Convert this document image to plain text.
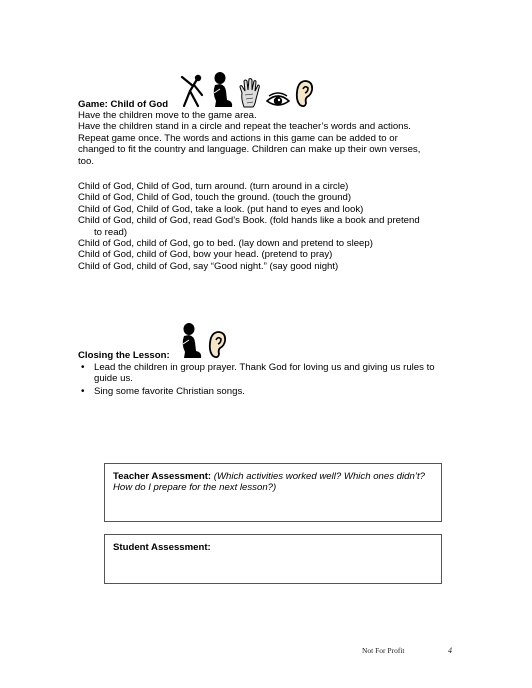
Game: Child of God

Have the children move to the game area.

Have the children stand in a circle and repeat the teacher’s words and actions.

Repeat game once. The words and actions in this game can be added to or

changed to fit the country and language. Children can make up their own verses,

too.

Child of God, Child of God, turn around. (turn around in a circle)

Child of God, Child of God, touch the ground. (touch the ground)

Child of God, Child of God, take a look. (put hand to eyes and look)

Child of God, child of God, read God’s Book. (fold hands like a book and pretend

to read)

Child of God, child of God, go to bed. (lay down and pretend to sleep)

Child of God, child of God, bow your head. (pretend to pray)

Child of God, child of God, say “Good night.” (say good night)

Closing the Lesson:
• Lead the children in group prayer. Thank God for loving us and giving us rules to guide us.
• Sing some favorite Christian songs.
Teacher Assessment: (Which activities worked well? Which ones didn’t? How do I prepare for the next lesson?)
Student Assessment:
Not For Profit	4
